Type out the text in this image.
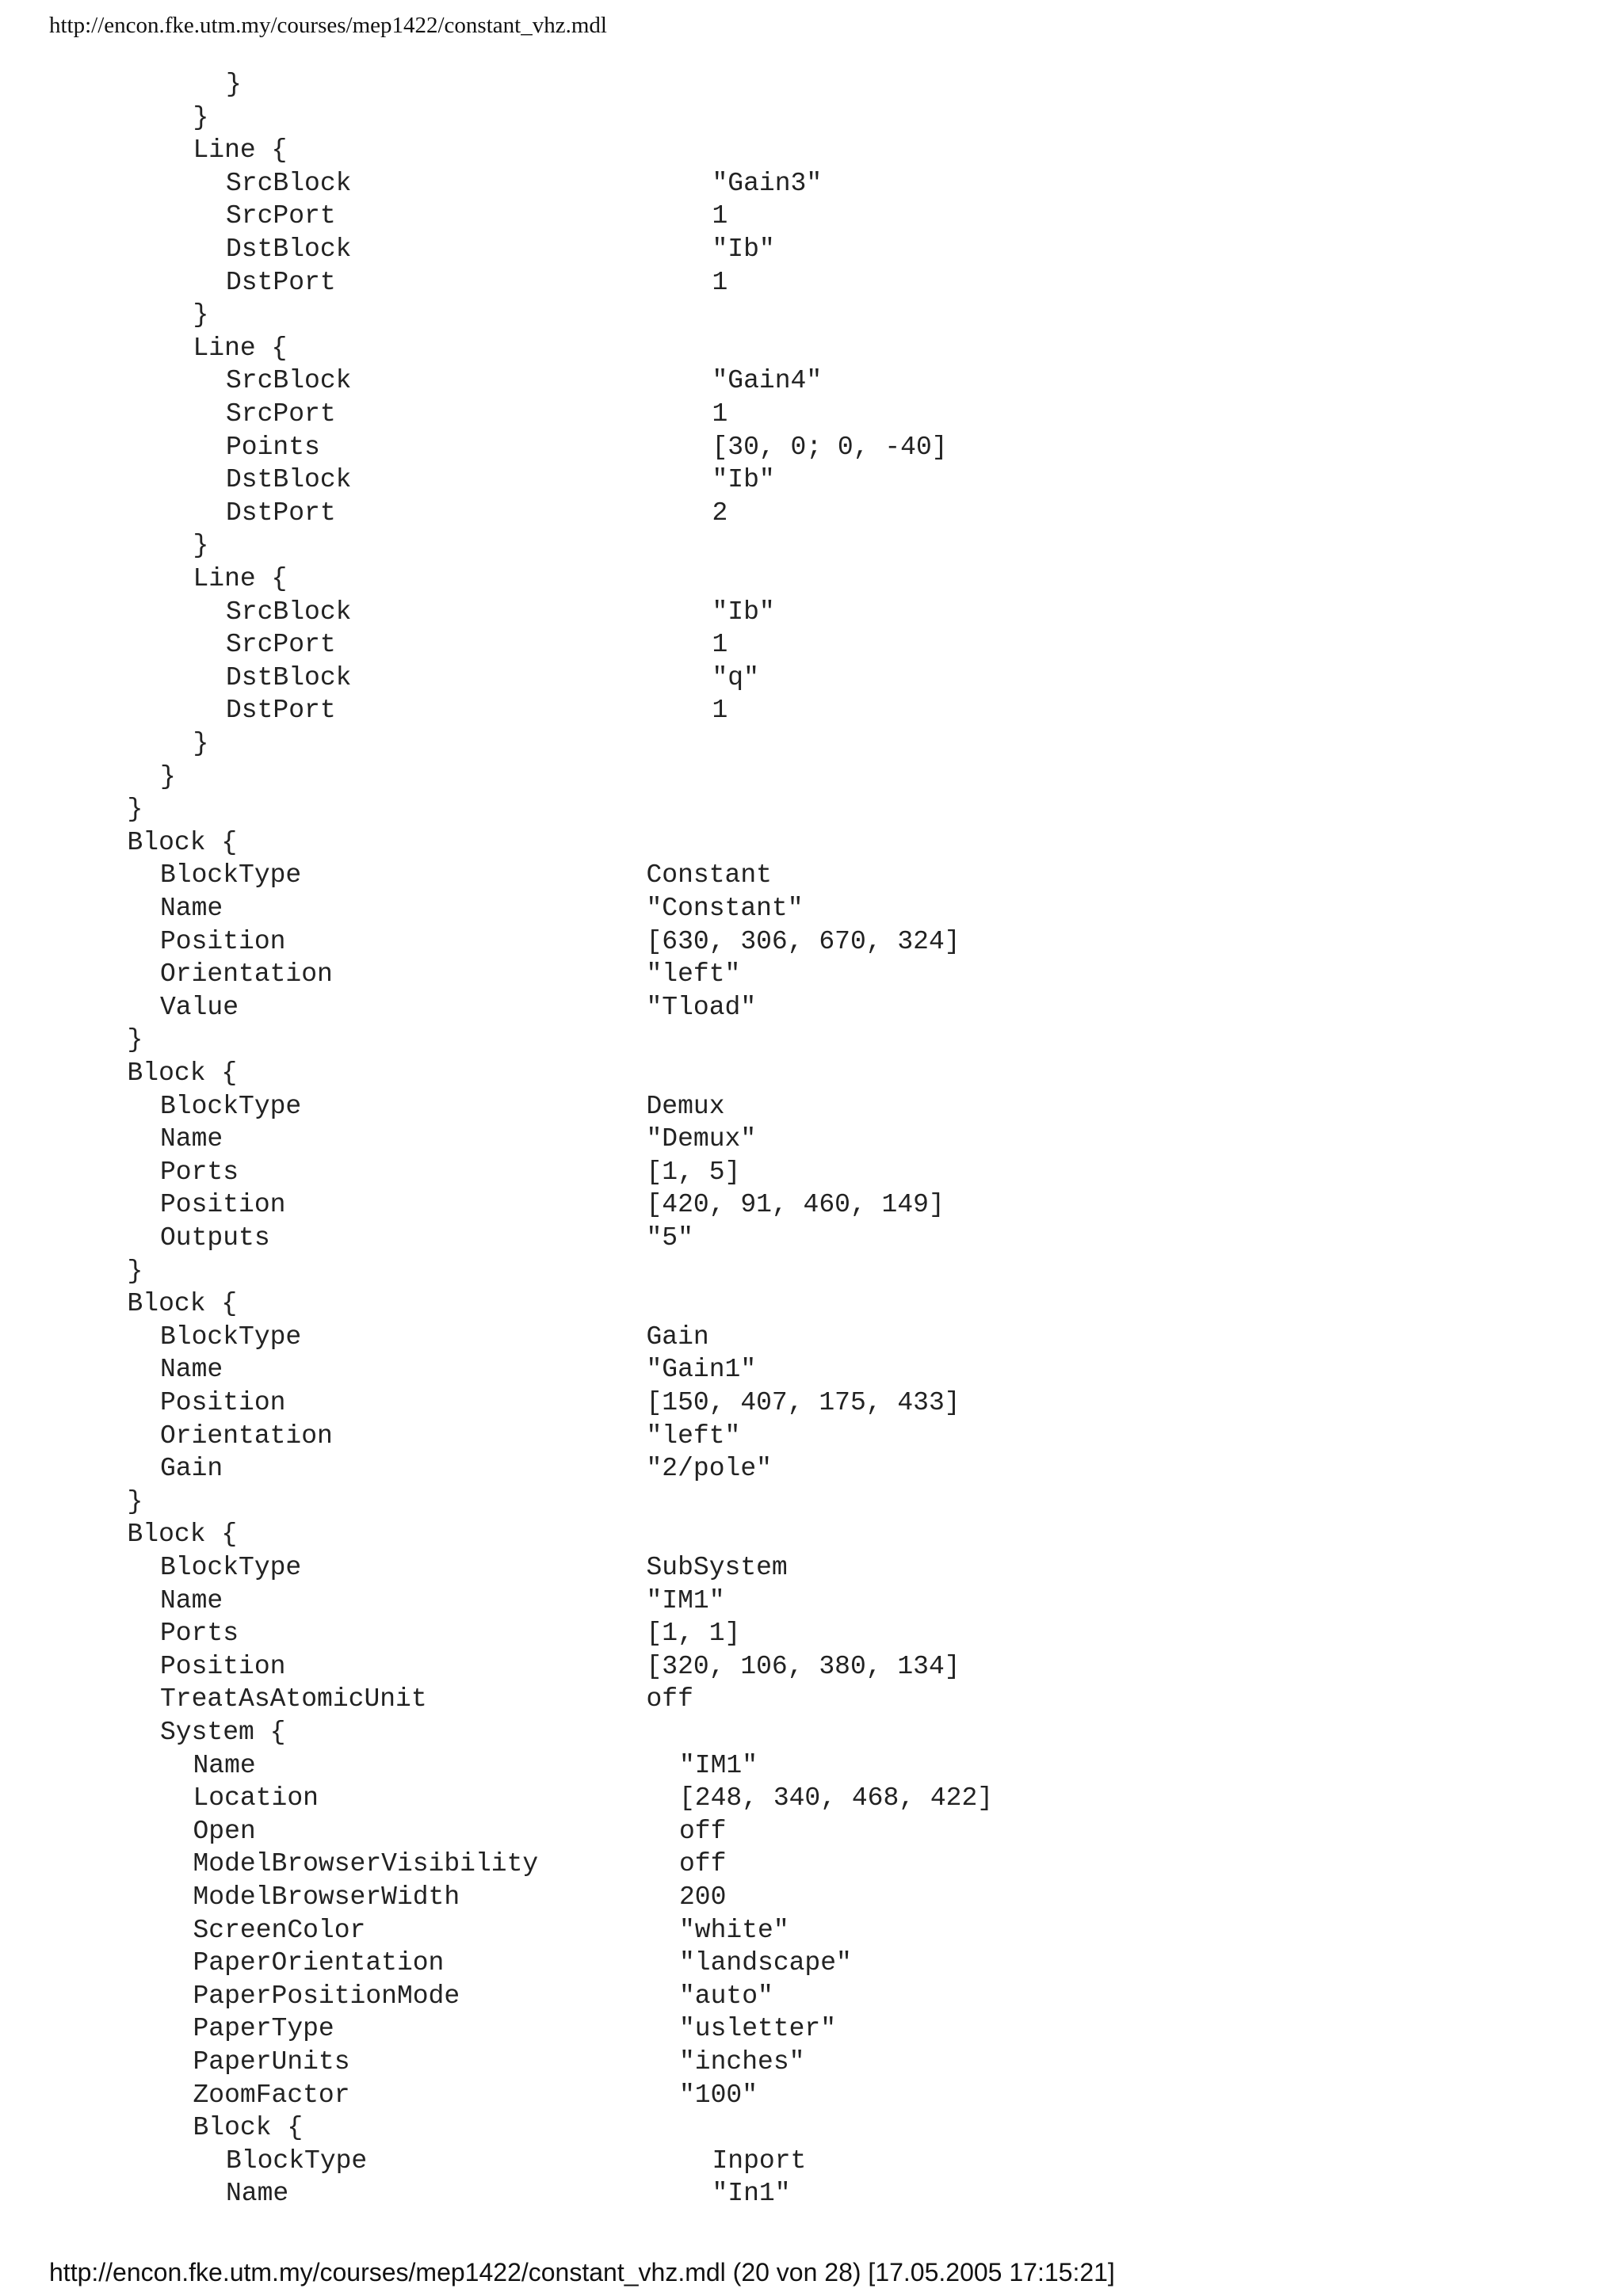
http://encon.fke.utm.my/courses/mep1422/constant_vhz.mdl
}
}
Line {
SrcBlock	"Gain3"
SrcPort	1
DstBlock	"Ib"
DstPort	1
}
Line {
SrcBlock	"Gain4"
SrcPort	1
Points	[30, 0; 0, -40]
DstBlock	"Ib"
DstPort	2
}
Line {
SrcBlock	"Ib"
SrcPort	1
DstBlock	"q"
DstPort	1
}
}
}
Block {
BlockType	Constant
Name	"Constant"
Position	[630, 306, 670, 324]
Orientation	"left"
Value	"Tload"
}
Block {
BlockType	Demux
Name	"Demux"
Ports	[1, 5]
Position	[420, 91, 460, 149]
Outputs	"5"
}
Block {
BlockType	Gain
Name	"Gain1"
Position	[150, 407, 175, 433]
Orientation	"left"
Gain	"2/pole"
}
Block {
BlockType	SubSystem
Name	"IM1"
Ports	[1, 1]
Position	[320, 106, 380, 134]
TreatAsAtomicUnit	off
System {
Name	"IM1"
Location	[248, 340, 468, 422]
Open	off
ModelBrowserVisibility	off
ModelBrowserWidth	200
ScreenColor	"white"
PaperOrientation	"landscape"
PaperPositionMode	"auto"
PaperType	"usletter"
PaperUnits	"inches"
ZoomFactor	"100"
Block {
BlockType	Inport
Name	"In1"
http://encon.fke.utm.my/courses/mep1422/constant_vhz.mdl (20 von 28) [17.05.2005 17:15:21]
